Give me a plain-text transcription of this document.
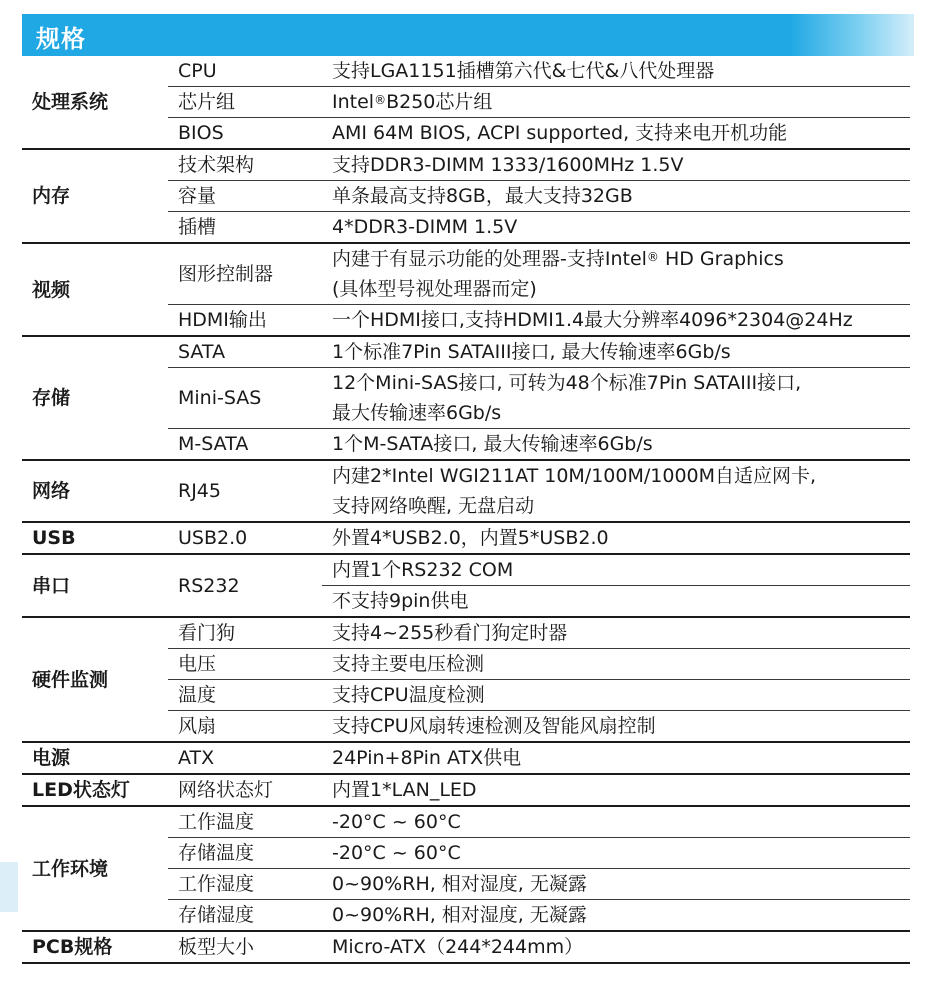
规格
处理系统	CPU	支持LGA1151插槽第六代&七代&八代处理器

	芯片组	Intel®B250芯片组

	BIOS	AMI 64M BIOS, ACPI supported, 支持来电开机功能

内存	技术架构	支持DDR3-DIMM 1333/1600MHz 1.5V

	容量	单条最高支持8GB，最大支持32GB

	插槽	4*DDR3-DIMM 1.5V

视频	图形控制器	内建于有显示功能的处理器-支持Intel® HD Graphics
(具体型号视处理器而定)

	HDMI输出	一个HDMI接口,支持HDMI1.4最大分辨率4096*2304@24Hz

存储	SATA	1个标准7Pin SATAIII接口, 最大传输速率6Gb/s

	Mini-SAS	12个Mini-SAS接口, 可转为48个标准7Pin SATAIII接口,
最大传输速率6Gb/s

	M-SATA	1个M-SATA接口, 最大传输速率6Gb/s

网络	RJ45	内建2*Intel WGI211AT 10M/100M/1000M自适应网卡,
支持网络唤醒, 无盘启动

USB	USB2.0	外置4*USB2.0，内置5*USB2.0

串口	RS232	内置1个RS232 COM

		不支持9pin供电

硬件监测	看门狗	支持4~255秒看门狗定时器

	电压	支持主要电压检测

	温度	支持CPU温度检测

	风扇	支持CPU风扇转速检测及智能风扇控制

电源	ATX	24Pin+8Pin ATX供电

LED状态灯	网络状态灯	内置1*LAN_LED

工作环境	工作温度	-20°C ~ 60°C

	存储温度	-20°C ~ 60°C

	工作湿度	0~90%RH, 相对湿度, 无凝露

	存储湿度	0~90%RH, 相对湿度, 无凝露

PCB规格	板型大小	Micro-ATX（244*244mm）
